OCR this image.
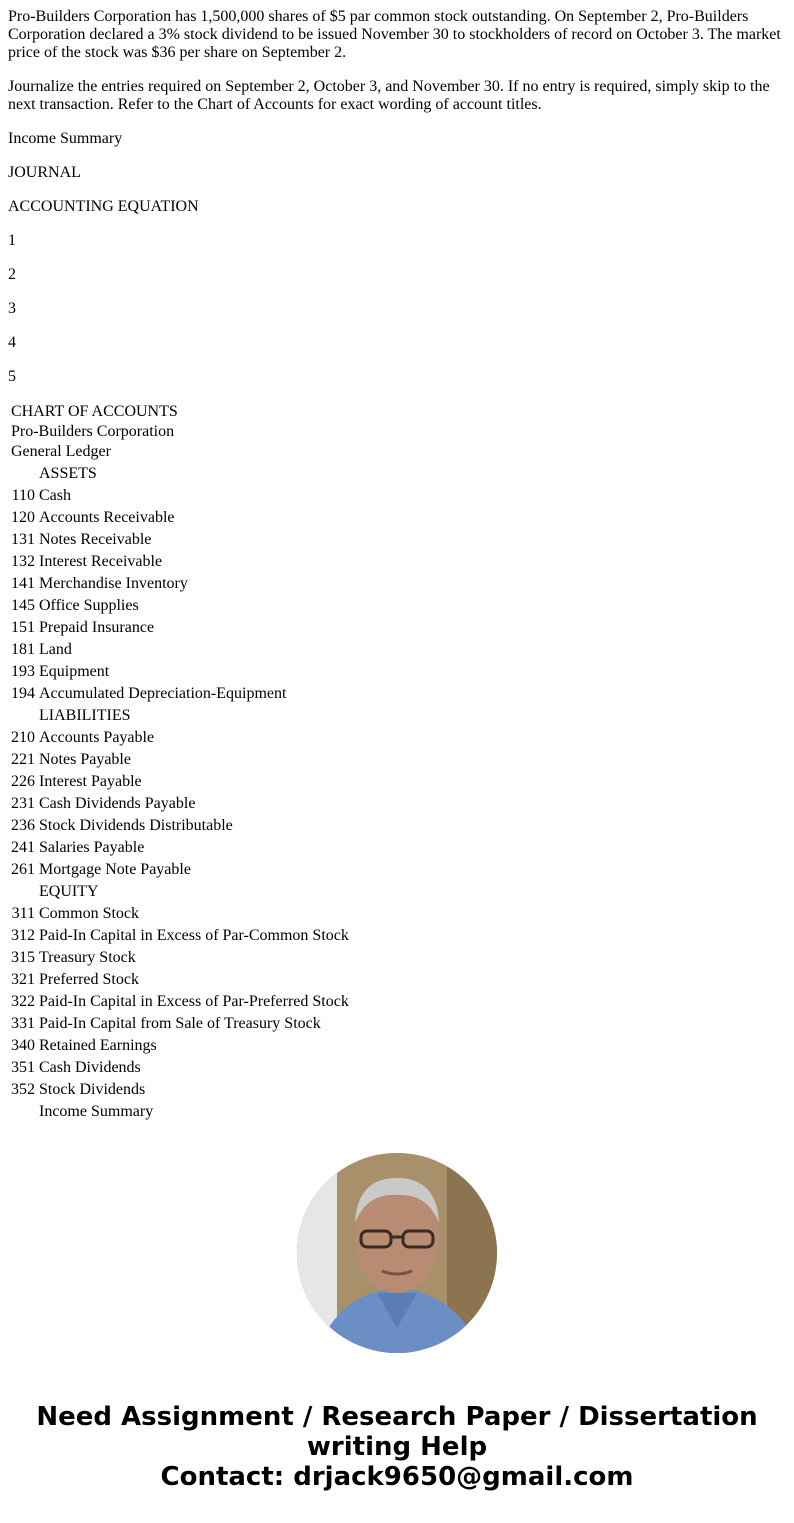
Pro-Builders Corporation has 1,500,000 shares of $5 par common stock outstanding. On September 2, Pro-Builders Corporation declared a 3% stock dividend to be issued November 30 to stockholders of record on October 3. The market price of the stock was $36 per share on September 2.

Journalize the entries required on September 2, October 3, and November 30. If no entry is required, simply skip to the next transaction. Refer to the Chart of Accounts for exact wording of account titles.

Income Summary

JOURNAL

ACCOUNTING EQUATION

1

2

3

4

5

CHART OF ACCOUNTS	
Pro-Builders Corporation	
General Ledger	
	ASSETS
110	Cash
120	Accounts Receivable
131	Notes Receivable
132	Interest Receivable
141	Merchandise Inventory
145	Office Supplies
151	Prepaid Insurance
181	Land
193	Equipment
194	Accumulated Depreciation-Equipment
	LIABILITIES
210	Accounts Payable
221	Notes Payable
226	Interest Payable
231	Cash Dividends Payable
236	Stock Dividends Distributable
241	Salaries Payable
261	Mortgage Note Payable
	EQUITY
311	Common Stock
312	Paid-In Capital in Excess of Par-Common Stock
315	Treasury Stock
321	Preferred Stock
322	Paid-In Capital in Excess of Par-Preferred Stock
331	Paid-In Capital from Sale of Treasury Stock
340	Retained Earnings
351	Cash Dividends
352	Stock Dividends
	Income Summary
Need Assignment / Research Paper / Dissertation
writing Help
Contact: drjack9650@gmail.com
